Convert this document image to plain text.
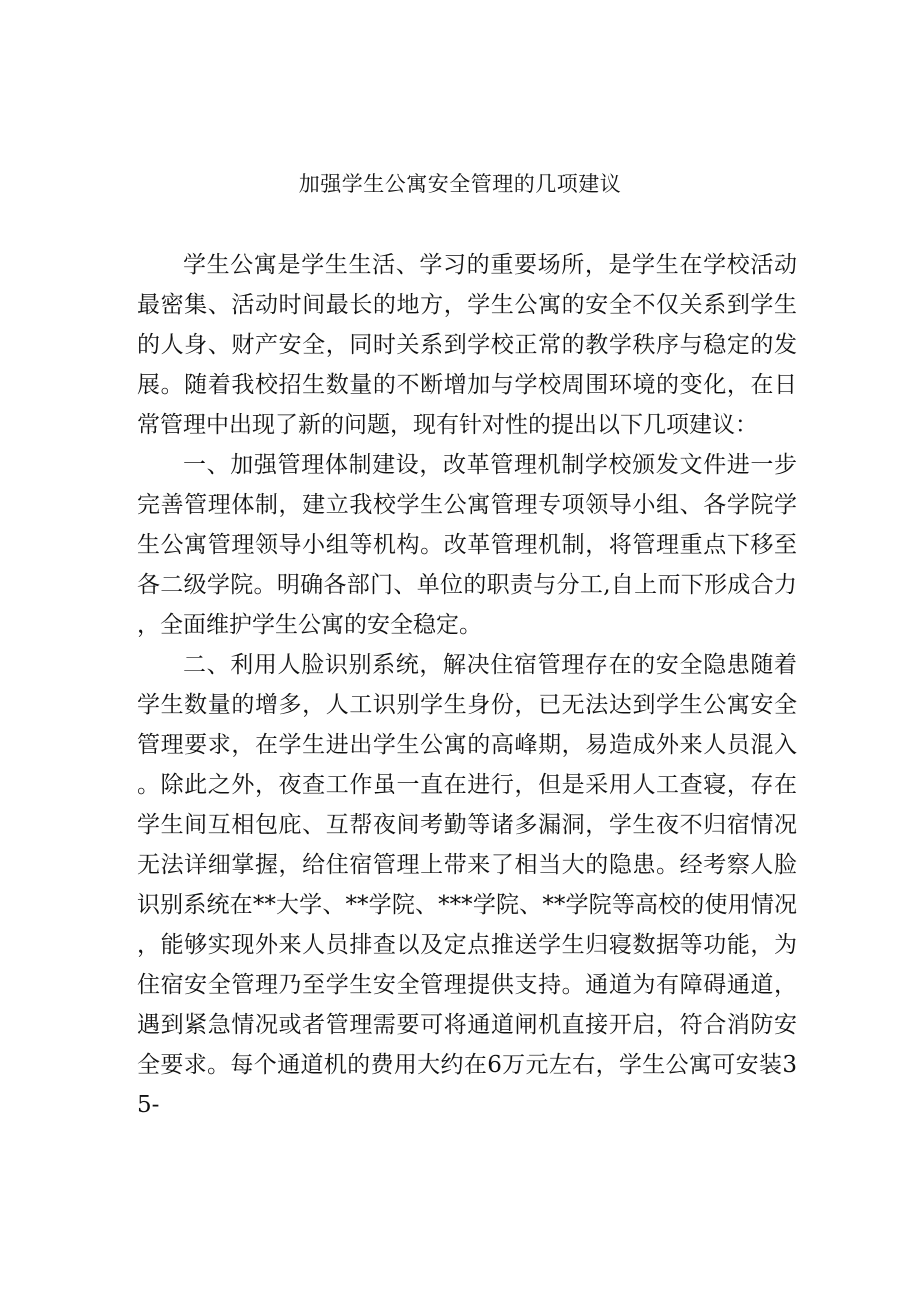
加强学生公寓安全管理的几项建议

学生公寓是学生生活、学习的重要场所，是学生在学校活动最密集、活动时间最长的地方，学生公寓的安全不仅关系到学生的人身、财产安全，同时关系到学校正常的教学秩序与稳定的发展。随着我校招生数量的不断增加与学校周围环境的变化，在日常管理中出现了新的问题，现有针对性的提出以下几项建议：

一、加强管理体制建设，改革管理机制学校颁发文件进一步完善管理体制，建立我校学生公寓管理专项领导小组、各学院学生公寓管理领导小组等机构。改革管理机制，将管理重点下移至各二级学院。明确各部门、单位的职责与分工,自上而下形成合力，全面维护学生公寓的安全稳定。

二、利用人脸识别系统，解决住宿管理存在的安全隐患随着学生数量的增多，人工识别学生身份，已无法达到学生公寓安全管理要求，在学生进出学生公寓的高峰期，易造成外来人员混入。除此之外，夜查工作虽一直在进行，但是采用人工查寝，存在学生间互相包庇、互帮夜间考勤等诸多漏洞，学生夜不归宿情况无法详细掌握，给住宿管理上带来了相当大的隐患。经考察人脸识别系统在**大学、**学院、***学院、**学院等高校的使用情况，能够实现外来人员排查以及定点推送学生归寝数据等功能，为住宿安全管理乃至学生安全管理提供支持。通道为有障碍通道，遇到紧急情况或者管理需要可将通道闸机直接开启，符合消防安全要求。每个通道机的费用大约在6万元左右，学生公寓可安装35-
